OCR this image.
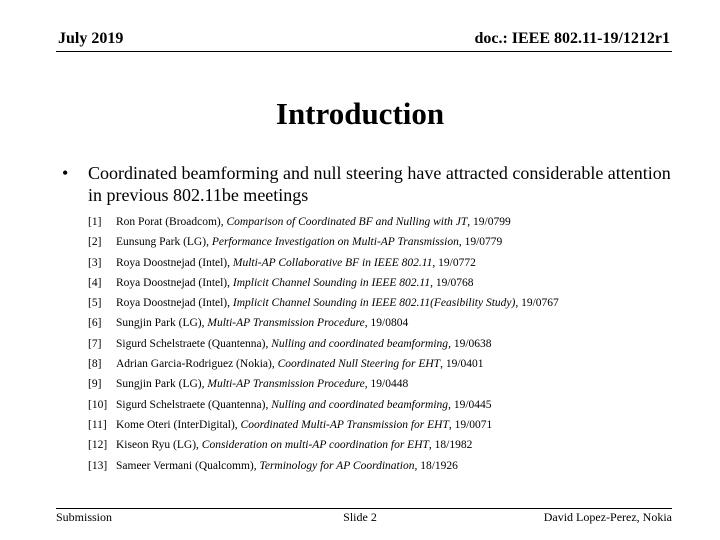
July 2019	doc.: IEEE 802.11-19/1212r1
Introduction
•	Coordinated beamforming and null steering have attracted considerable attention in previous 802.11be meetings
[1]	Ron Porat (Broadcom), Comparison of Coordinated BF and Nulling with JT, 19/0799
[2]	Eunsung Park (LG), Performance Investigation on Multi-AP Transmission, 19/0779
[3]	Roya Doostnejad (Intel), Multi-AP Collaborative BF in IEEE 802.11, 19/0772
[4]	Roya Doostnejad (Intel), Implicit Channel Sounding in IEEE 802.11, 19/0768
[5]	Roya Doostnejad (Intel), Implicit Channel Sounding in IEEE 802.11(Feasibility Study), 19/0767
[6]	Sungjin Park (LG), Multi-AP Transmission Procedure, 19/0804
[7]	Sigurd Schelstraete (Quantenna), Nulling and coordinated beamforming, 19/0638
[8]	Adrian Garcia-Rodriguez (Nokia), Coordinated Null Steering for EHT, 19/0401
[9]	Sungjin Park (LG), Multi-AP Transmission Procedure, 19/0448
[10] Sigurd Schelstraete (Quantenna), Nulling and coordinated beamforming, 19/0445
[11] Kome Oteri (InterDigital), Coordinated Multi-AP Transmission for EHT, 19/0071
[12] Kiseon Ryu (LG), Consideration on multi-AP coordination for EHT, 18/1982
[13] Sameer Vermani (Qualcomm), Terminology for AP Coordination, 18/1926
Submission	Slide 2	David Lopez-Perez, Nokia
